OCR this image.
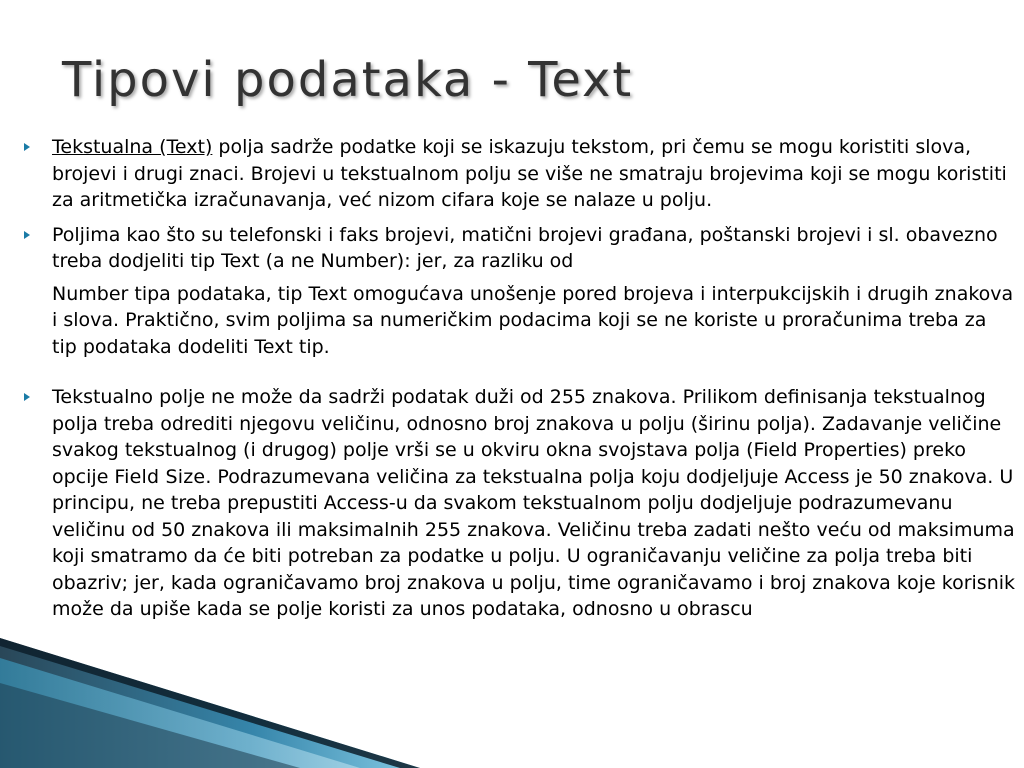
Tipovi podataka - Text

Tekstualna (Text) polja sadrže podatke koji se iskazuju tekstom, pri čemu se mogu koristiti slova, brojevi i drugi znaci. Brojevi u tekstualnom polju se više ne smatraju brojevima koji se mogu koristiti za aritmetička izračunavanja, već nizom cifara koje se nalaze u polju.

Poljima kao što su telefonski i faks brojevi, matični brojevi građana, poštanski brojevi i sl. obavezno treba dodjeliti tip Text (a ne Number): jer, za razliku od

Number tipa podataka, tip Text omogućava unošenje pored brojeva i interpukcijskih i drugih znakova i slova. Praktično, svim poljima sa numeričkim podacima koji se ne koriste u proračunima treba za tip podataka dodeliti Text tip.

Tekstualno polje ne može da sadrži podatak duži od 255 znakova. Prilikom definisanja tekstualnog polja treba odrediti njegovu veličinu, odnosno broj znakova u polju (širinu polja). Zadavanje veličine svakog tekstualnog (i drugog) polje vrši se u okviru okna svojstava polja (Field Properties) preko opcije Field Size. Podrazumevana veličina za tekstualna polja koju dodjeljuje Access je 50 znakova. U principu, ne treba prepustiti Access-u da svakom tekstualnom polju dodjeljuje podrazumevanu veličinu od 50 znakova ili maksimalnih 255 znakova. Veličinu treba zadati nešto veću od maksimuma koji smatramo da će biti potreban za podatke u polju. U ograničavanju veličine za polja treba biti obazriv; jer, kada ograničavamo broj znakova u polju, time ograničavamo i broj znakova koje korisnik može da upiše kada se polje koristi za unos podataka, odnosno u obrascu
